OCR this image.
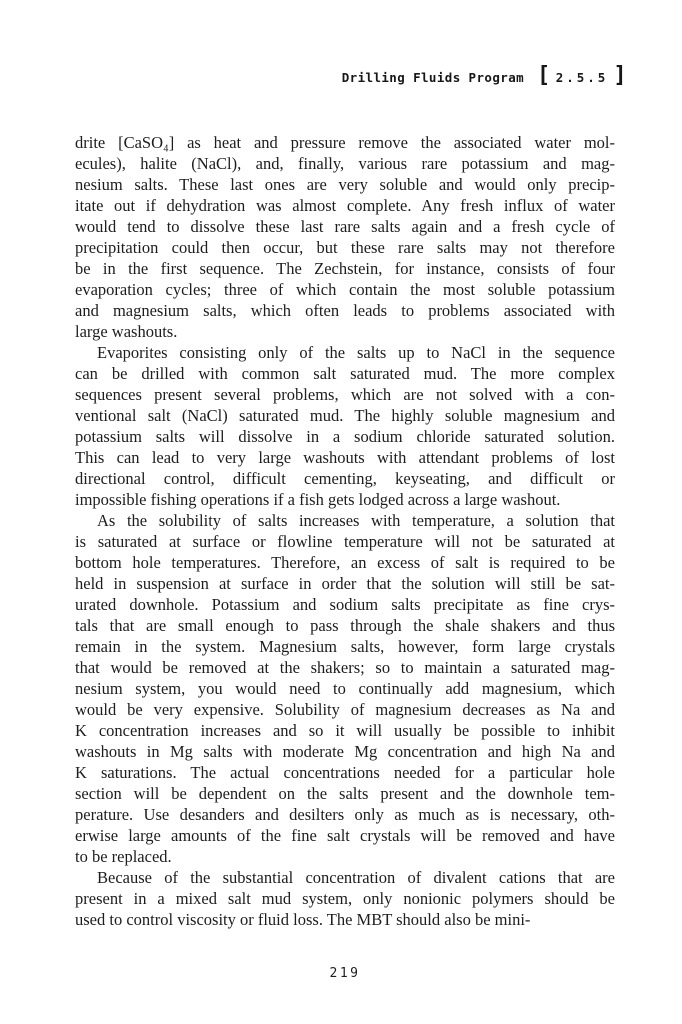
Drilling Fluids Program [ 2.5.5 ]
drite [CaSO₄] as heat and pressure remove the associated water mol-
ecules), halite (NaCl), and, finally, various rare potassium and mag-
nesium salts. These last ones are very soluble and would only precip-
itate out if dehydration was almost complete. Any fresh influx of water
would tend to dissolve these last rare salts again and a fresh cycle of
precipitation could then occur, but these rare salts may not therefore
be in the first sequence. The Zechstein, for instance, consists of four
evaporation cycles; three of which contain the most soluble potassium
and magnesium salts, which often leads to problems associated with
large washouts.
Evaporites consisting only of the salts up to NaCl in the sequence
can be drilled with common salt saturated mud. The more complex
sequences present several problems, which are not solved with a con-
ventional salt (NaCl) saturated mud. The highly soluble magnesium and
potassium salts will dissolve in a sodium chloride saturated solution.
This can lead to very large washouts with attendant problems of lost
directional control, difficult cementing, keyseating, and difficult or
impossible fishing operations if a fish gets lodged across a large washout.
As the solubility of salts increases with temperature, a solution that
is saturated at surface or flowline temperature will not be saturated at
bottom hole temperatures. Therefore, an excess of salt is required to be
held in suspension at surface in order that the solution will still be sat-
urated downhole. Potassium and sodium salts precipitate as fine crys-
tals that are small enough to pass through the shale shakers and thus
remain in the system. Magnesium salts, however, form large crystals
that would be removed at the shakers; so to maintain a saturated mag-
nesium system, you would need to continually add magnesium, which
would be very expensive. Solubility of magnesium decreases as Na and
K concentration increases and so it will usually be possible to inhibit
washouts in Mg salts with moderate Mg concentration and high Na and
K saturations. The actual concentrations needed for a particular hole
section will be dependent on the salts present and the downhole tem-
perature. Use desanders and desilters only as much as is necessary, oth-
erwise large amounts of the fine salt crystals will be removed and have
to be replaced.
Because of the substantial concentration of divalent cations that are
present in a mixed salt mud system, only nonionic polymers should be
used to control viscosity or fluid loss. The MBT should also be mini-
219
